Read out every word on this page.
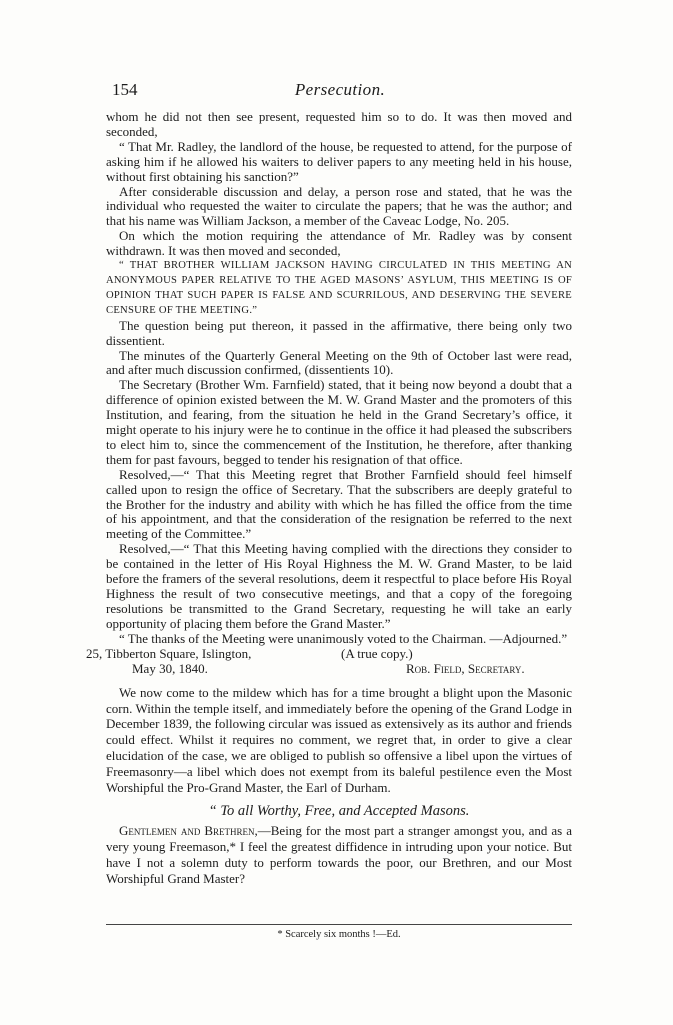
154	Persecution.

whom he did not then see present, requested him so to do. It was then moved and seconded,

“ That Mr. Radley, the landlord of the house, be requested to attend, for the purpose of asking him if he allowed his waiters to deliver papers to any meeting held in his house, without first obtaining his sanction?”

After considerable discussion and delay, a person rose and stated, that he was the individual who requested the waiter to circulate the papers; that he was the author; and that his name was William Jackson, a member of the Caveac Lodge, No. 205.

On which the motion requiring the attendance of Mr. Radley was by consent withdrawn. It was then moved and seconded,

“ THAT BROTHER WILLIAM JACKSON HAVING CIRCULATED IN THIS MEETING AN ANONYMOUS PAPER RELATIVE TO THE AGED MASONS’ ASYLUM, THIS MEETING IS OF OPINION THAT SUCH PAPER IS FALSE AND SCURRILOUS, AND DESERVING THE SEVERE CENSURE OF THE MEETING.”

The question being put thereon, it passed in the affirmative, there being only two dissentient.

The minutes of the Quarterly General Meeting on the 9th of October last were read, and after much discussion confirmed, (dissentients 10).

The Secretary (Brother Wm. Farnfield) stated, that it being now beyond a doubt that a difference of opinion existed between the M. W. Grand Master and the promoters of this Institution, and fearing, from the situation he held in the Grand Secretary’s office, it might operate to his injury were he to continue in the office it had pleased the subscribers to elect him to, since the commencement of the Institution, he therefore, after thanking them for past favours, begged to tender his resignation of that office.

Resolved,—“ That this Meeting regret that Brother Farnfield should feel himself called upon to resign the office of Secretary. That the subscribers are deeply grateful to the Brother for the industry and ability with which he has filled the office from the time of his appointment, and that the consideration of the resignation be referred to the next meeting of the Committee.”

Resolved,—“ That this Meeting having complied with the directions they consider to be contained in the letter of His Royal Highness the M. W. Grand Master, to be laid before the framers of the several resolutions, deem it respectful to place before His Royal Highness the result of two consecutive meetings, and that a copy of the foregoing resolutions be transmitted to the Grand Secretary, requesting he will take an early opportunity of placing them before the Grand Master.”

“ The thanks of the Meeting were unanimously voted to the Chairman. —Adjourned.”

25, Tibberton Square, Islington,	(A true copy.)
May 30, 1840.	Rob. Field, Secretary.

We now come to the mildew which has for a time brought a blight upon the Masonic corn. Within the temple itself, and immediately before the opening of the Grand Lodge in December 1839, the following circular was issued as extensively as its author and friends could effect. Whilst it requires no comment, we regret that, in order to give a clear elucidation of the case, we are obliged to publish so offensive a libel upon the virtues of Freemasonry—a libel which does not exempt from its baleful pestilence even the Most Worshipful the Pro-Grand Master, the Earl of Durham.

“ To all Worthy, Free, and Accepted Masons.

Gentlemen and Brethren,—Being for the most part a stranger amongst you, and as a very young Freemason,* I feel the greatest diffidence in intruding upon your notice. But have I not a solemn duty to perform towards the poor, our Brethren, and our Most Worshipful Grand Master?

* Scarcely six months !—Ed.
